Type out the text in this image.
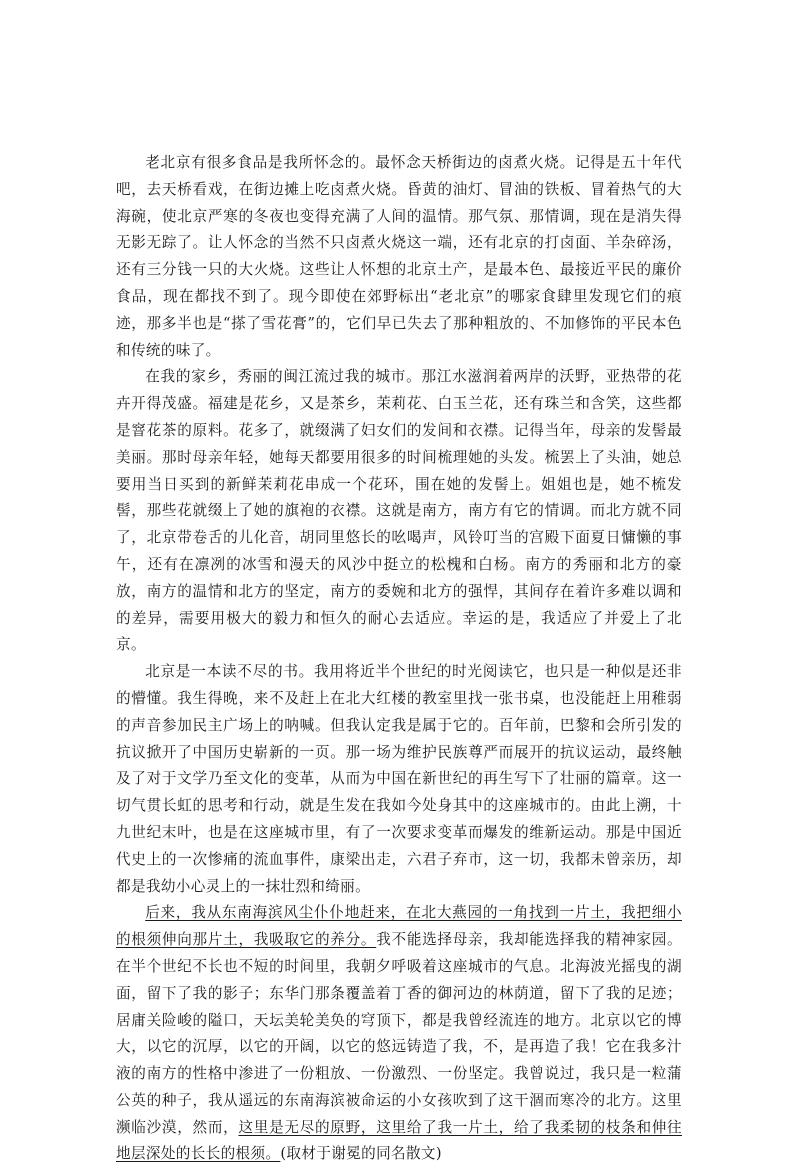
老北京有很多食品是我所怀念的。最怀念天桥街边的卤煮火烧。记得是五十年代吧，去天桥看戏，在街边摊上吃卤煮火烧。昏黄的油灯、冒油的铁板、冒着热气的大海碗，使北京严寒的冬夜也变得充满了人间的温情。那气氛、那情调，现在是消失得无影无踪了。让人怀念的当然不只卤煮火烧这一端，还有北京的打卤面、羊杂碎汤，还有三分钱一只的大火烧。这些让人怀想的北京土产，是最本色、最接近平民的廉价食品，现在都找不到了。现今即使在郊野标出“老北京”的哪家食肆里发现它们的痕迹，那多半也是“搽了雪花膏”的，它们早已失去了那种粗放的、不加修饰的平民本色和传统的味了。

在我的家乡，秀丽的闽江流过我的城市。那江水滋润着两岸的沃野，亚热带的花卉开得茂盛。福建是花乡，又是茶乡，茉莉花、白玉兰花，还有珠兰和含笑，这些都是窨花茶的原料。花多了，就缀满了妇女们的发间和衣襟。记得当年，母亲的发髻最美丽。那时母亲年轻，她每天都要用很多的时间梳理她的头发。梳罢上了头油，她总要用当日买到的新鲜茉莉花串成一个花环，围在她的发髻上。姐姐也是，她不梳发髻，那些花就缀上了她的旗袍的衣襟。这就是南方，南方有它的情调。而北方就不同了，北京带卷舌的儿化音，胡同里悠长的吆喝声，风铃叮当的宫殿下面夏日慵懒的事午，还有在凛冽的冰雪和漫天的风沙中挺立的松槐和白杨。南方的秀丽和北方的豪放，南方的温情和北方的坚定，南方的委婉和北方的强悍，其间存在着许多难以调和的差异，需要用极大的毅力和恒久的耐心去适应。幸运的是，我适应了并爱上了北京。

北京是一本读不尽的书。我用将近半个世纪的时光阅读它，也只是一种似是还非的懵懂。我生得晚，来不及赶上在北大红楼的教室里找一张书桌，也没能赶上用稚弱的声音参加民主广场上的呐喊。但我认定我是属于它的。百年前，巴黎和会所引发的抗议掀开了中国历史崭新的一页。那一场为维护民族尊严而展开的抗议运动，最终触及了对于文学乃至文化的变革，从而为中国在新世纪的再生写下了壮丽的篇章。这一切气贯长虹的思考和行动，就是生发在我如今处身其中的这座城市的。由此上溯，十九世纪末叶，也是在这座城市里，有了一次要求变革而爆发的维新运动。那是中国近代史上的一次惨痛的流血事件，康梁出走，六君子弃市，这一切，我都未曾亲历，却都是我幼小心灵上的一抹壮烈和绮丽。

后来，我从东南海滨风尘仆仆地赶来，在北大燕园的一角找到一片土，我把细小的根须伸向那片土，我吸取它的养分。我不能选择母亲，我却能选择我的精神家园。在半个世纪不长也不短的时间里，我朝夕呼吸着这座城市的气息。北海波光摇曳的湖面，留下了我的影子；东华门那条覆盖着丁香的御河边的林荫道，留下了我的足迹；居庸关险峻的隘口，天坛美轮美奂的穹顶下，都是我曾经流连的地方。北京以它的博大，以它的沉厚，以它的开阔，以它的悠远铸造了我，不，是再造了我！它在我多汁液的南方的性格中渗进了一份粗放、一份激烈、一份坚定。我曾说过，我只是一粒蒲公英的种子，我从遥远的东南海滨被命运的小女孩吹到了这干涸而寒冷的北方。这里濒临沙漠，然而，这里是无尽的原野，这里给了我一片土，给了我柔韧的枝条和伸往地层深处的长长的根须。(取材于谢冕的同名散文)
